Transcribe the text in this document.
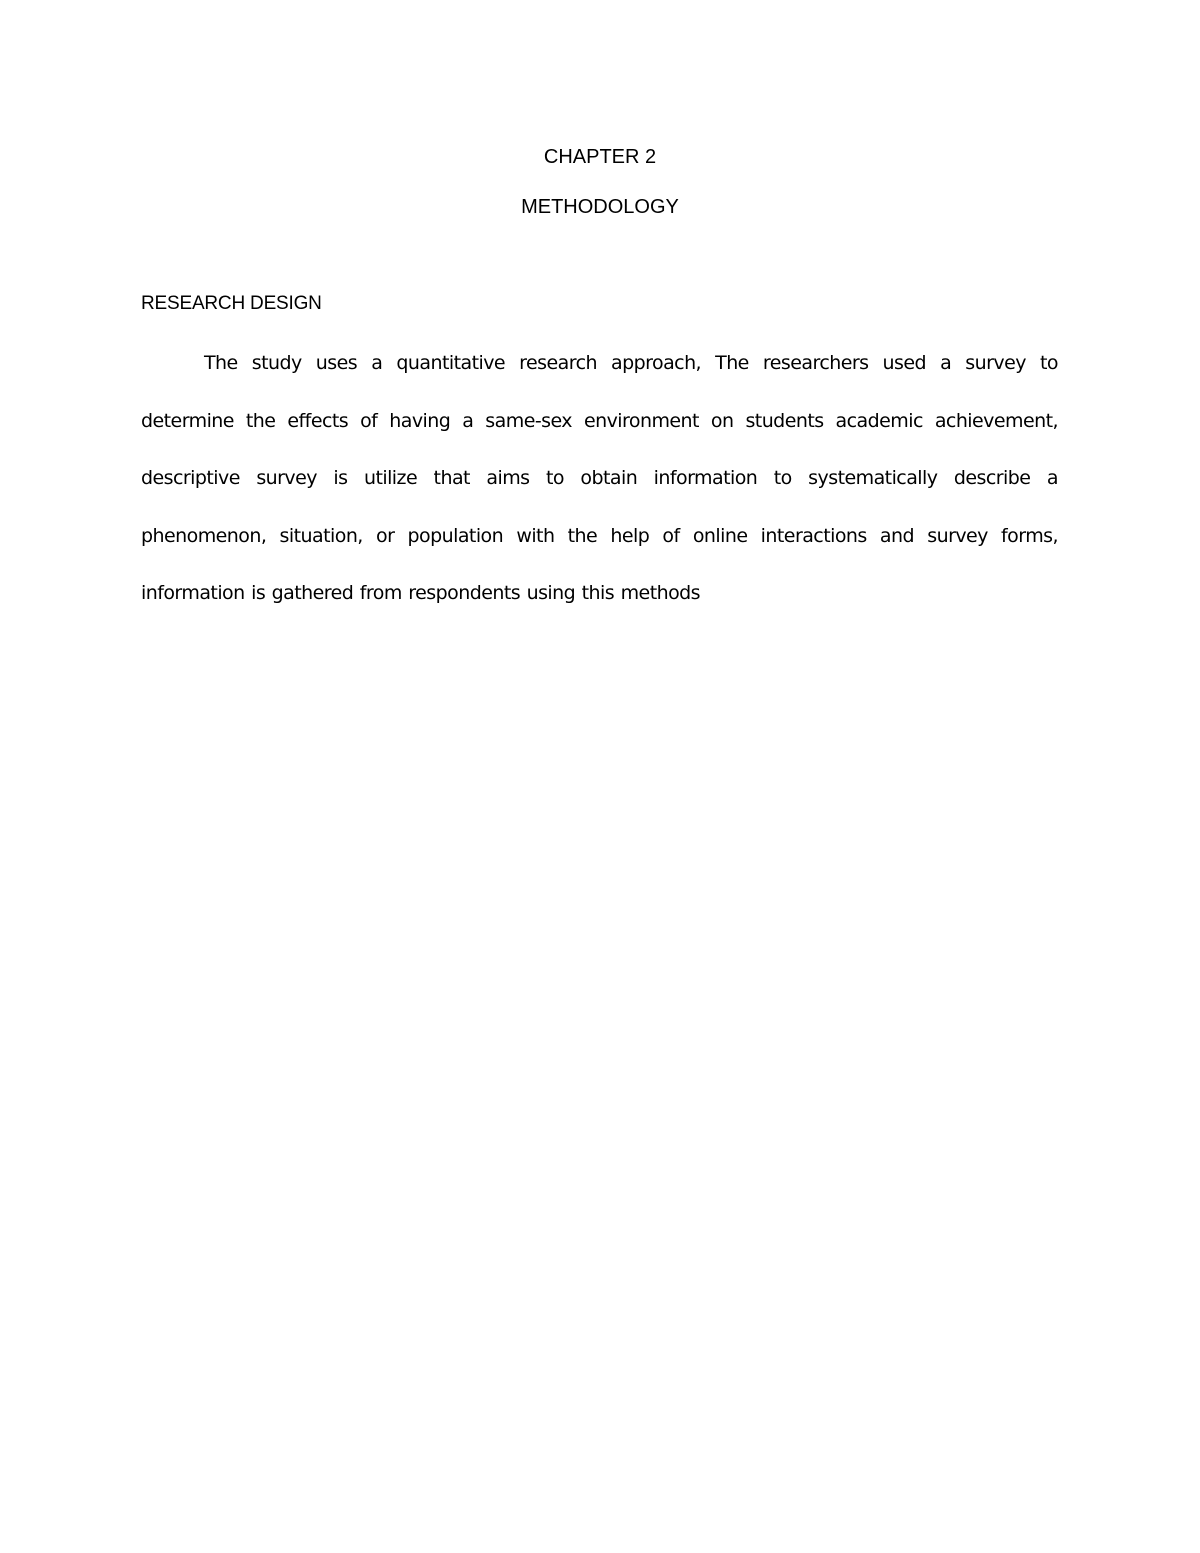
CHAPTER 2
METHODOLOGY
RESEARCH DESIGN

The study uses a quantitative research approach, The researchers used a survey to determine the effects of having a same-sex environment on students academic achievement, descriptive survey is utilize that aims to obtain information to systematically describe a phenomenon, situation, or population with the help of online interactions and survey forms, information is gathered from respondents using this methods
